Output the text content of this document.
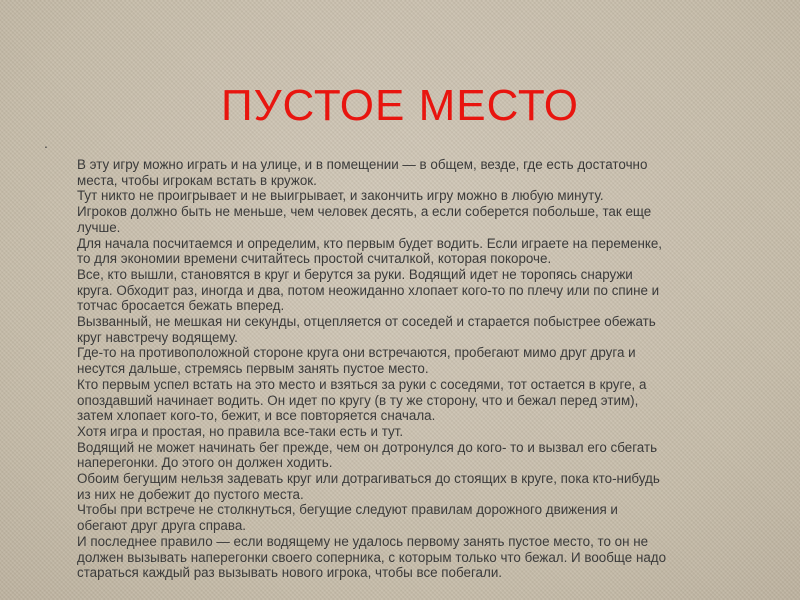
ПУСТОЕ МЕСТО
.

В эту игру можно играть и на улице, и в помещении — в общем, везде, где есть достаточно
места, чтобы игрокам встать в кружок.
Тут никто не проигрывает и не выигрывает, и закончить игру можно в любую минуту.
Игроков должно быть не меньше, чем человек десять, а если соберется побольше, так еще
лучше.
Для начала посчитаемся и определим, кто первым будет водить. Если играете на переменке,
то для экономии времени считайтесь простой считалкой, которая покороче.
Все, кто вышли, становятся в круг и берутся за руки. Водящий идет не торопясь снаружи
круга. Обходит раз, иногда и два, потом неожиданно хлопает кого-то по плечу или по спине и
тотчас бросается бежать вперед.
Вызванный, не мешкая ни секунды, отцепляется от соседей и старается побыстрее обежать
круг навстречу водящему.
Где-то на противоположной стороне круга они встречаются, пробегают мимо друг друга и
несутся дальше, стремясь первым занять пустое место.
Кто первым успел встать на это место и взяться за руки с соседями, тот остается в круге, а
опоздавший начинает водить. Он идет по кругу (в ту же сторону, что и бежал перед этим),
затем хлопает кого-то, бежит, и все повторяется сначала.
Хотя игра и простая, но правила все-таки есть и тут.
Водящий не может начинать бег прежде, чем он дотронулся до кого- то и вызвал его сбегать
наперегонки. До этого он должен ходить.
Обоим бегущим нельзя задевать круг или дотрагиваться до стоящих в круге, пока кто-нибудь
из них не добежит до пустого места.
Чтобы при встрече не столкнуться, бегущие следуют правилам дорожного движения и
обегают друг друга справа.
И последнее правило — если водящему не удалось первому занять пустое место, то он не
должен вызывать наперегонки своего соперника, с которым только что бежал. И вообще надо
стараться каждый раз вызывать нового игрока, чтобы все побегали.
